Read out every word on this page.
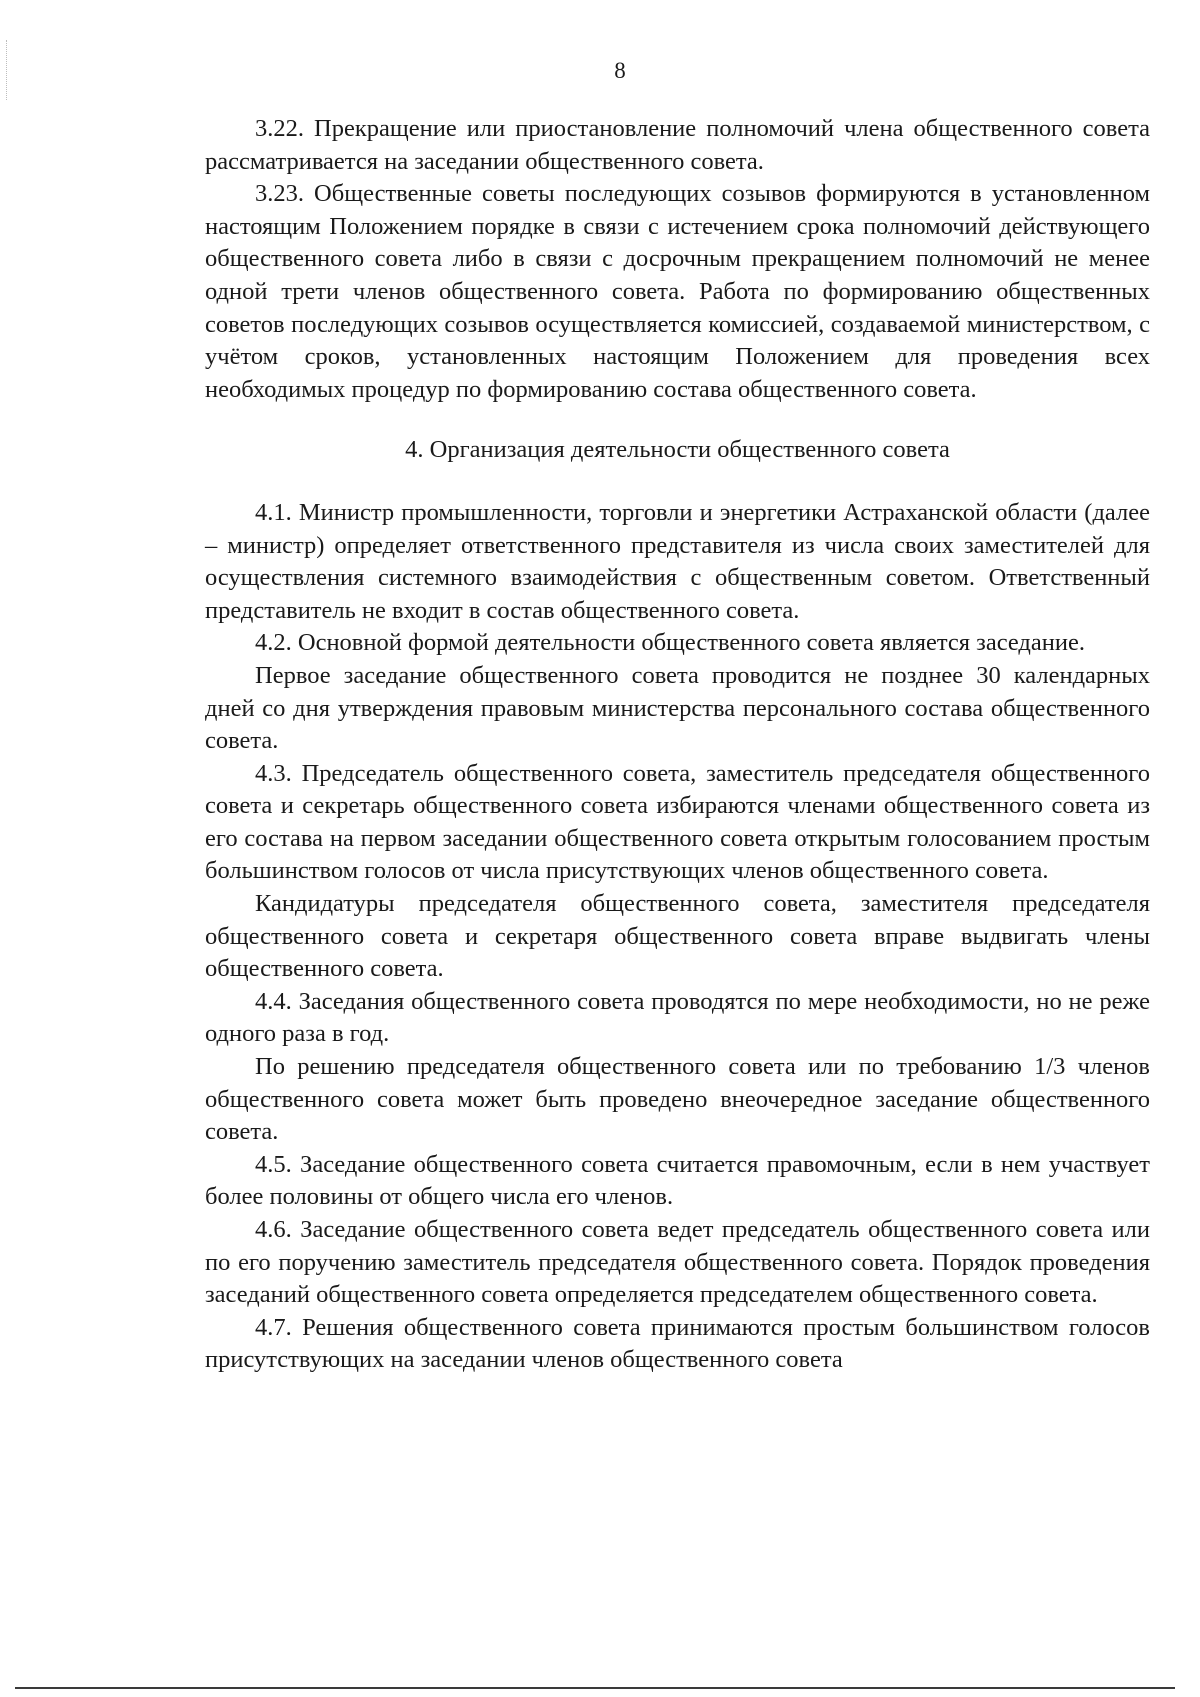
8

3.22. Прекращение или приостановление полномочий члена общественного совета рассматривается на заседании общественного совета.

3.23. Общественные советы последующих созывов формируются в установленном настоящим Положением порядке в связи с истечением срока полномочий действующего общественного совета либо в связи с досрочным прекращением полномочий не менее одной трети членов общественного совета. Работа по формированию общественных советов последующих созывов осуществляется комиссией, создаваемой министерством, с учётом сроков, установленных настоящим Положением для проведения всех необходимых процедур по формированию состава общественного совета.

4. Организация деятельности общественного совета

4.1. Министр промышленности, торговли и энергетики Астраханской области (далее – министр) определяет ответственного представителя из числа своих заместителей для осуществления системного взаимодействия с общественным советом. Ответственный представитель не входит в состав общественного совета.

4.2. Основной формой деятельности общественного совета является заседание.

Первое заседание общественного совета проводится не позднее 30 календарных дней со дня утверждения правовым министерства персонального состава общественного совета.

4.3. Председатель общественного совета, заместитель председателя общественного совета и секретарь общественного совета избираются членами общественного совета из его состава на первом заседании общественного совета открытым голосованием простым большинством голосов от числа присутствующих членов общественного совета.

Кандидатуры председателя общественного совета, заместителя председателя общественного совета и секретаря общественного совета вправе выдвигать члены общественного совета.

4.4. Заседания общественного совета проводятся по мере необходимости, но не реже одного раза в год.

По решению председателя общественного совета или по требованию 1/3 членов общественного совета может быть проведено внеочередное заседание общественного совета.

4.5. Заседание общественного совета считается правомочным, если в нем участвует более половины от общего числа его членов.

4.6. Заседание общественного совета ведет председатель общественного совета или по его поручению заместитель председателя общественного совета. Порядок проведения заседаний общественного совета определяется председателем общественного совета.

4.7. Решения общественного совета принимаются простым большинством голосов присутствующих на заседании членов общественного совета
